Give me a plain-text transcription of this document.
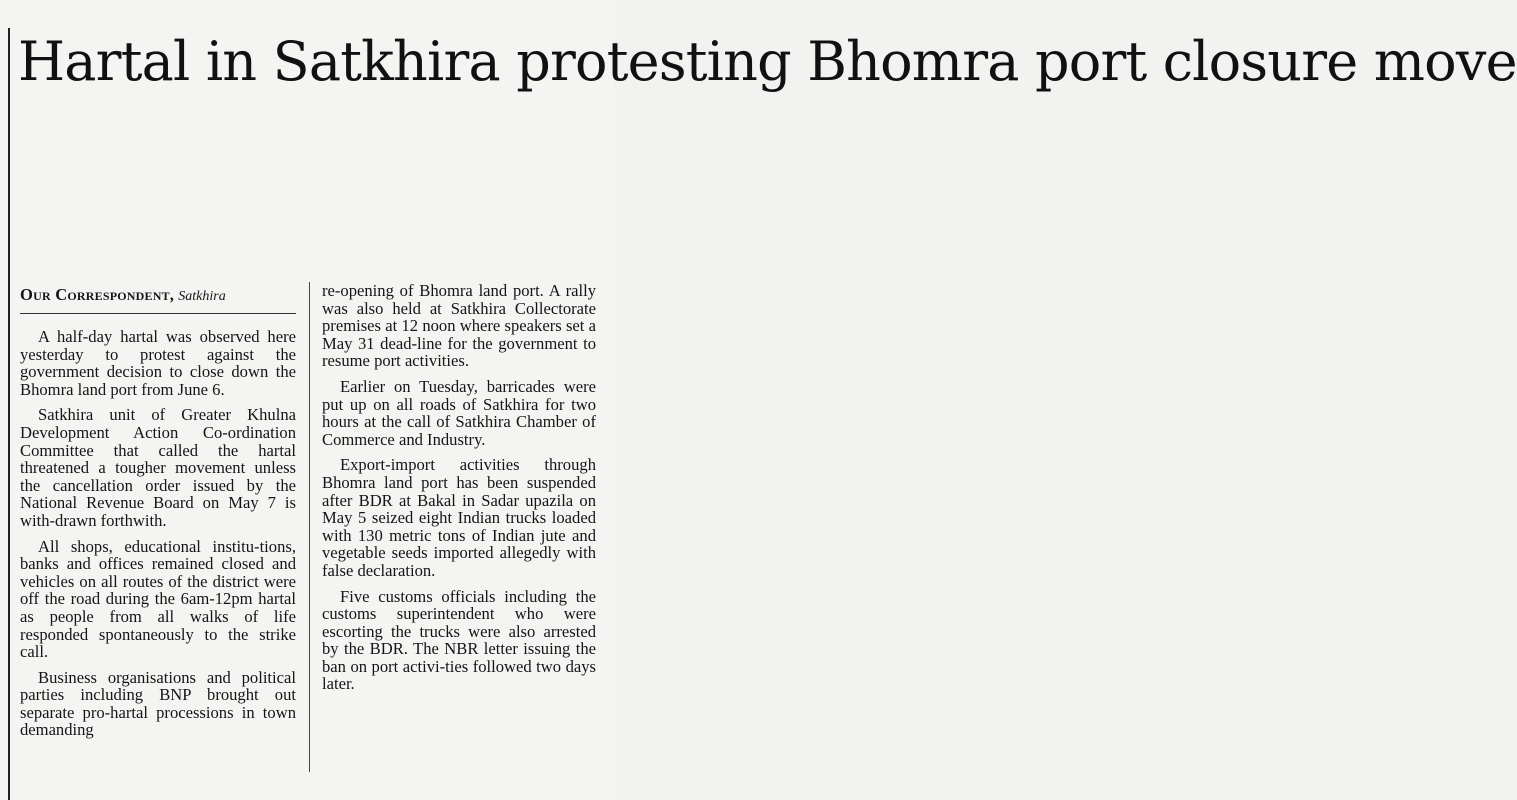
Hartal in Satkhira protesting Bhomra port closure move
Our Correspondent, Satkhira

A half-day hartal was observed here yesterday to protest against the government decision to close down the Bhomra land port from June 6.

Satkhira unit of Greater Khulna Development Action Co-ordination Committee that called the hartal threatened a tougher movement unless the cancellation order issued by the National Revenue Board on May 7 is with-drawn forthwith.

All shops, educational institu-tions, banks and offices remained closed and vehicles on all routes of the district were off the road during the 6am-12pm hartal as people from all walks of life responded spontaneously to the strike call.

Business organisations and political parties including BNP brought out separate pro-hartal processions in town demanding

re-opening of Bhomra land port. A rally was also held at Satkhira Collectorate premises at 12 noon where speakers set a May 31 dead-line for the government to resume port activities.

Earlier on Tuesday, barricades were put up on all roads of Satkhira for two hours at the call of Satkhira Chamber of Commerce and Industry.

Export-import activities through Bhomra land port has been suspended after BDR at Bakal in Sadar upazila on May 5 seized eight Indian trucks loaded with 130 metric tons of Indian jute and vegetable seeds imported allegedly with false declaration.

Five customs officials including the customs superintendent who were escorting the trucks were also arrested by the BDR. The NBR letter issuing the ban on port activi-ties followed two days later.
